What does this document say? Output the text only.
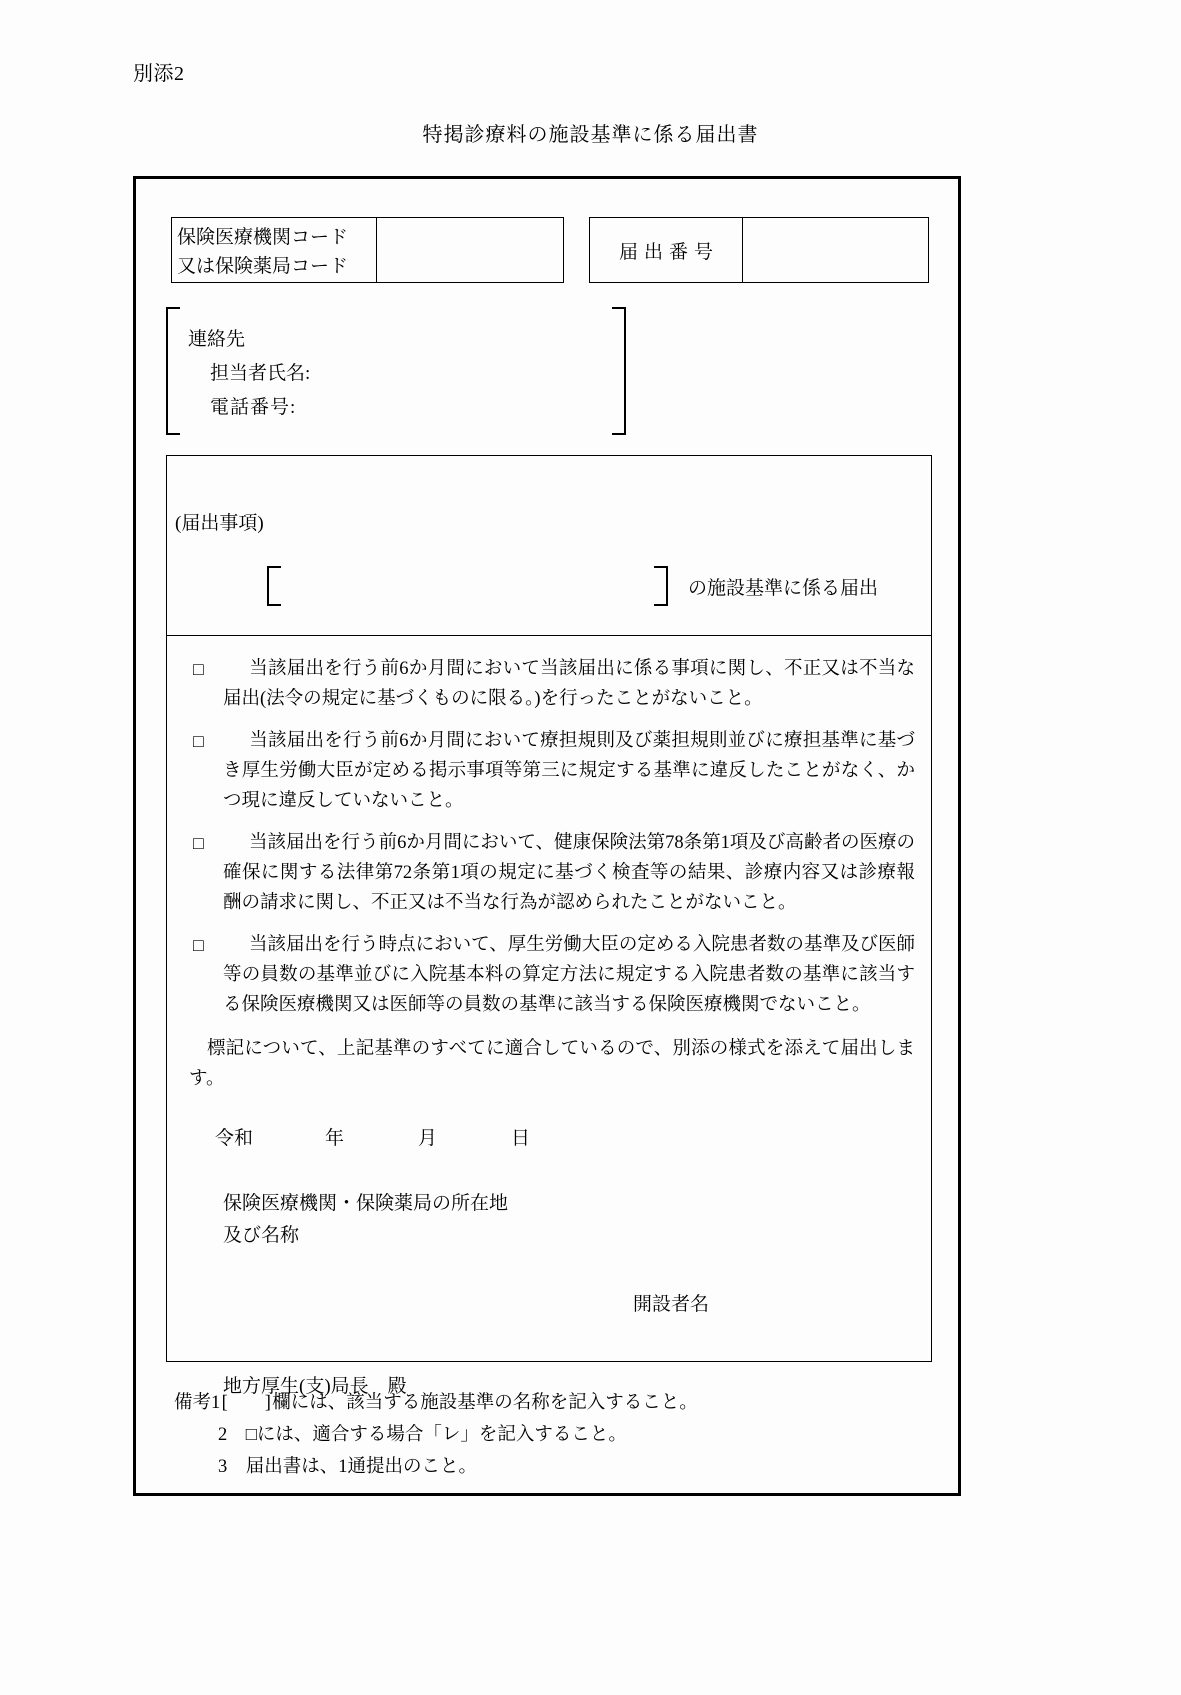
別添2
特掲診療料の施設基準に係る届出書
保険医療機関コード
又は保険薬局コード
届出番号
連絡先
担当者氏名:
電話番号:
(届出事項)
の施設基準に係る届出
□	当該届出を行う前6か月間において当該届出に係る事項に関し、不正又は不当な届出(法令の規定に基づくものに限る。)を行ったことがないこと。
□	当該届出を行う前6か月間において療担規則及び薬担規則並びに療担基準に基づき厚生労働大臣が定める掲示事項等第三に規定する基準に違反したことがなく、かつ現に違反していないこと。
□	当該届出を行う前6か月間において、健康保険法第78条第1項及び高齢者の医療の確保に関する法律第72条第1項の規定に基づく検査等の結果、診療内容又は診療報酬の請求に関し、不正又は不当な行為が認められたことがないこと。
□	当該届出を行う時点において、厚生労働大臣の定める入院患者数の基準及び医師等の員数の基準並びに入院基本料の算定方法に規定する入院患者数の基準に該当する保険医療機関又は医師等の員数の基準に該当する保険医療機関でないこと。
標記について、上記基準のすべてに適合しているので、別添の様式を添えて届出します。
令和	年	月	日
保険医療機関・保険薬局の所在地
及び名称
開設者名
地方厚生(支)局長　殿
備考1[　　]欄には、該当する施設基準の名称を記入すること。
2　□には、適合する場合「レ」を記入すること。
3　届出書は、1通提出のこと。
